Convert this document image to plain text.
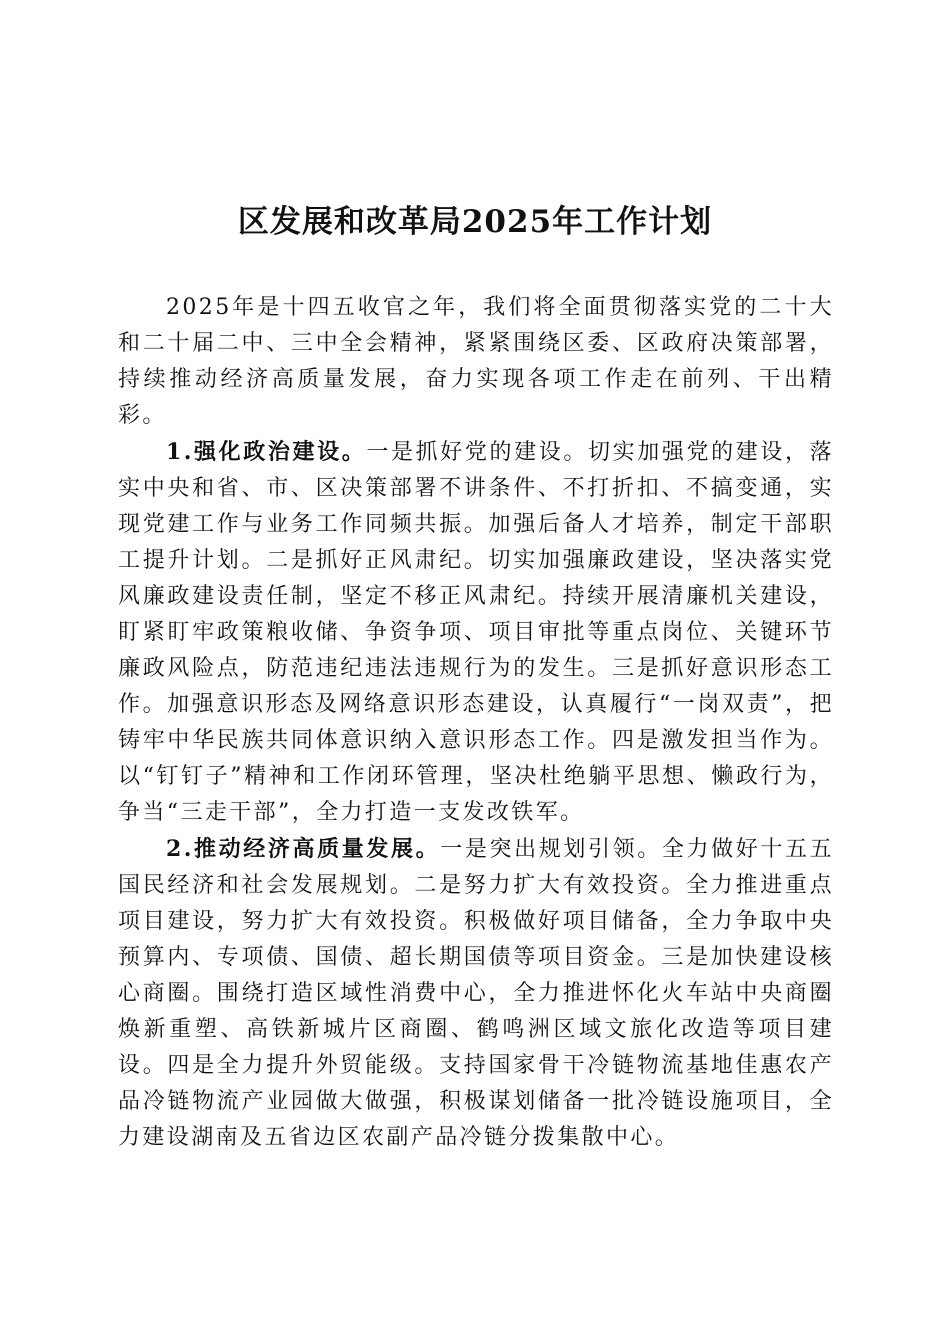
区发展和改革局2025年工作计划

2025年是十四五收官之年，我们将全面贯彻落实党的二十大和二十届二中、三中全会精神，紧紧围绕区委、区政府决策部署，持续推动经济高质量发展，奋力实现各项工作走在前列、干出精彩。

1.强化政治建设。一是抓好党的建设。切实加强党的建设，落实中央和省、市、区决策部署不讲条件、不打折扣、不搞变通，实现党建工作与业务工作同频共振。加强后备人才培养，制定干部职工提升计划。二是抓好正风肃纪。切实加强廉政建设，坚决落实党风廉政建设责任制，坚定不移正风肃纪。持续开展清廉机关建设，盯紧盯牢政策粮收储、争资争项、项目审批等重点岗位、关键环节廉政风险点，防范违纪违法违规行为的发生。三是抓好意识形态工作。加强意识形态及网络意识形态建设，认真履行“一岗双责”，把铸牢中华民族共同体意识纳入意识形态工作。四是激发担当作为。以“钉钉子”精神和工作闭环管理，坚决杜绝躺平思想、懒政行为，争当“三走干部”，全力打造一支发改铁军。

2.推动经济高质量发展。一是突出规划引领。全力做好十五五国民经济和社会发展规划。二是努力扩大有效投资。全力推进重点项目建设，努力扩大有效投资。积极做好项目储备，全力争取中央预算内、专项债、国债、超长期国债等项目资金。三是加快建设核心商圈。围绕打造区域性消费中心，全力推进怀化火车站中央商圈焕新重塑、高铁新城片区商圈、鹤鸣洲区域文旅化改造等项目建设。四是全力提升外贸能级。支持国家骨干冷链物流基地佳惠农产品冷链物流产业园做大做强，积极谋划储备一批冷链设施项目，全力建设湖南及五省边区农副产品冷链分拨集散中心。
